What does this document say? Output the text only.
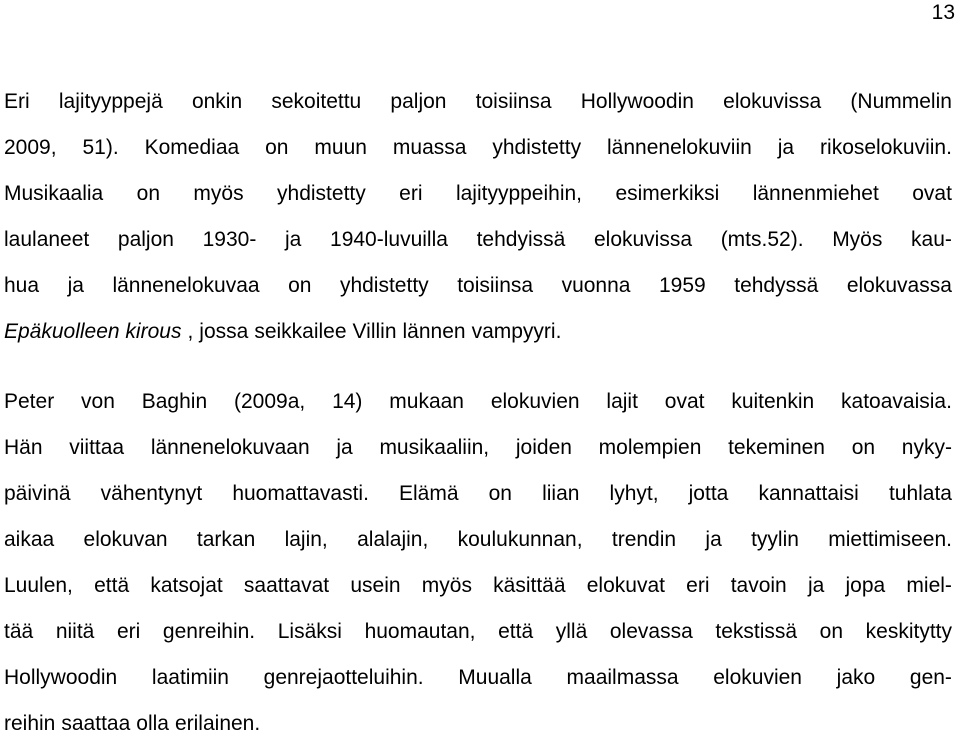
13
Eri lajityyppejä onkin sekoitettu paljon toisiinsa Hollywoodin elokuvissa (Nummelin
2009, 51). Komediaa on muun muassa yhdistetty lännenelokuviin ja rikoselokuviin.
Musikaalia on myös yhdistetty eri lajityyppeihin, esimerkiksi lännenmiehet ovat
laulaneet paljon 1930- ja 1940-luvuilla tehdyissä elokuvissa (mts.52). Myös kau-
hua ja lännenelokuvaa on yhdistetty toisiinsa vuonna 1959 tehdyssä elokuvassa
Epäkuolleen kirous , jossa seikkailee Villin lännen vampyyri.
Peter von Baghin (2009a, 14) mukaan elokuvien lajit ovat kuitenkin katoavaisia.
Hän viittaa lännenelokuvaan ja musikaaliin, joiden molempien tekeminen on nyky-
päivinä vähentynyt huomattavasti. Elämä on liian lyhyt, jotta kannattaisi tuhlata
aikaa elokuvan tarkan lajin, alalajin, koulukunnan, trendin ja tyylin miettimiseen.
Luulen, että katsojat saattavat usein myös käsittää elokuvat eri tavoin ja jopa miel-
tää niitä eri genreihin. Lisäksi huomautan, että yllä olevassa tekstissä on keskitytty
Hollywoodin laatimiin genrejaotteluihin. Muualla maailmassa elokuvien jako gen-
reihin saattaa olla erilainen.
